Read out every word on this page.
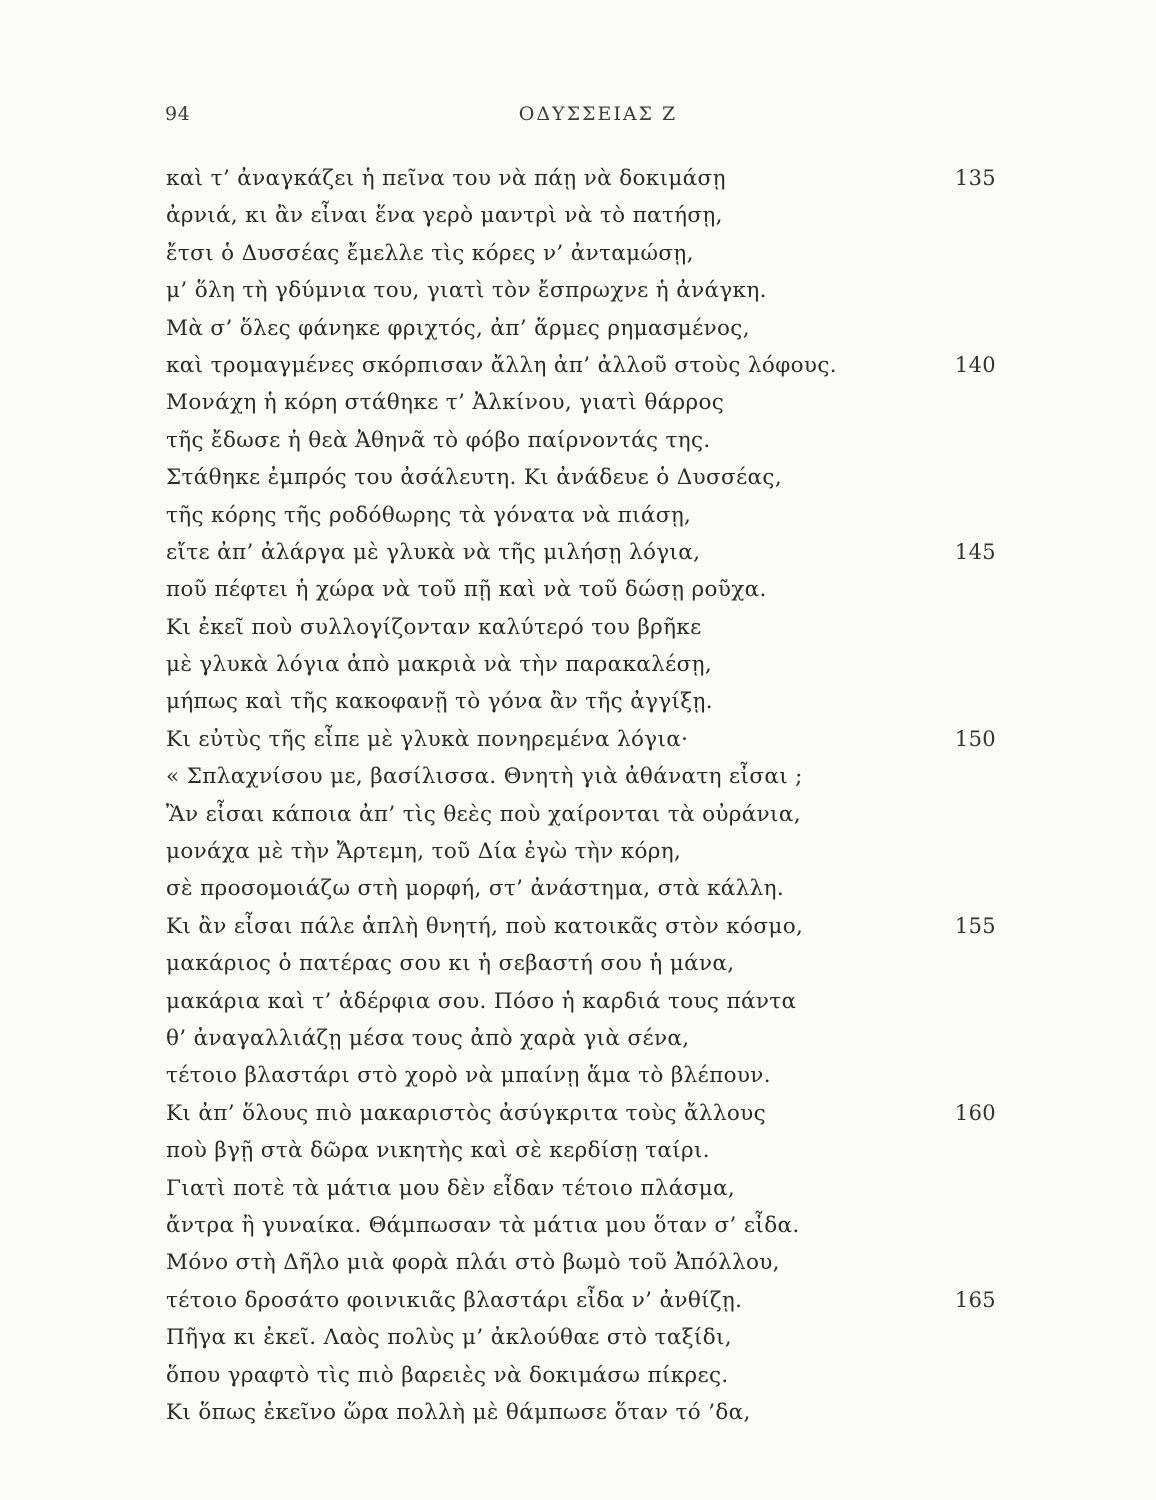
94	ΟΔΥΣΣΕΙΑΣ Ζ
καὶ τ’ ἀναγκάζει ἡ πεῖνα του νὰ πάῃ νὰ δοκιμάσῃ	135
ἀρνιά, κι ἂν εἶναι ἕνα γερὸ μαντρὶ νὰ τὸ πατήσῃ,
ἔτσι ὁ Δυσσέας ἔμελλε τὶς κόρες ν’ ἀνταμώσῃ,
μ’ ὅλη τὴ γδύμνια του, γιατὶ τὸν ἔσπρωχνε ἡ ἀνάγκη.
Μὰ σ’ ὅλες φάνηκε φριχτός, ἀπ’ ἅρμες ρημασμένος,
καὶ τρομαγμένες σκόρπισαν ἄλλη ἀπ’ ἀλλοῦ στοὺς λόφους.	140
Μονάχη ἡ κόρη στάθηκε τ’ Ἀλκίνου, γιατὶ θάρρος
τῆς ἔδωσε ἡ θεὰ Ἀθηνᾶ τὸ φόβο παίρνοντάς της.
Στάθηκε ἐμπρός του ἀσάλευτη. Κι ἀνάδευε ὁ Δυσσέας,
τῆς κόρης τῆς ροδόθωρης τὰ γόνατα νὰ πιάσῃ,
εἴτε ἀπ’ ἀλάργα μὲ γλυκὰ νὰ τῆς μιλήσῃ λόγια,	145
ποῦ πέφτει ἡ χώρα νὰ τοῦ πῇ καὶ νὰ τοῦ δώσῃ ροῦχα.
Κι ἐκεῖ ποὺ συλλογίζονταν καλύτερό του βρῆκε
μὲ γλυκὰ λόγια ἀπὸ μακριὰ νὰ τὴν παρακαλέσῃ,
μήπως καὶ τῆς κακοφανῇ τὸ γόνα ἂν τῆς ἀγγίξῃ.
Κι εὐτὺς τῆς εἶπε μὲ γλυκὰ πονηρεμένα λόγια·	150
« Σπλαχνίσου με, βασίλισσα. Θνητὴ γιὰ ἀθάνατη εἶσαι ;
Ἂν εἶσαι κάποια ἀπ’ τὶς θεὲς ποὺ χαίρονται τὰ οὐράνια,
μονάχα μὲ τὴν Ἄρτεμη, τοῦ Δία ἐγὼ τὴν κόρη,
σὲ προσομοιάζω στὴ μορφή, στ’ ἀνάστημα, στὰ κάλλη.
Κι ἂν εἶσαι πάλε ἁπλὴ θνητή, ποὺ κατοικᾶς στὸν κόσμο,	155
μακάριος ὁ πατέρας σου κι ἡ σεβαστή σου ἡ μάνα,
μακάρια καὶ τ’ ἀδέρφια σου. Πόσο ἡ καρδιά τους πάντα
θ’ ἀναγαλλιάζῃ μέσα τους ἀπὸ χαρὰ γιὰ σένα,
τέτοιο βλαστάρι στὸ χορὸ νὰ μπαίνῃ ἅμα τὸ βλέπουν.
Κι ἀπ’ ὅλους πιὸ μακαριστὸς ἀσύγκριτα τοὺς ἄλλους	160
ποὺ βγῇ στὰ δῶρα νικητὴς καὶ σὲ κερδίσῃ ταίρι.
Γιατὶ ποτὲ τὰ μάτια μου δὲν εἶδαν τέτοιο πλάσμα,
ἄντρα ἢ γυναίκα. Θάμπωσαν τὰ μάτια μου ὅταν σ’ εἶδα.
Μόνο στὴ Δῆλο μιὰ φορὰ πλάι στὸ βωμὸ τοῦ Ἀπόλλου,
τέτοιο δροσάτο φοινικιᾶς βλαστάρι εἶδα ν’ ἀνθίζῃ.	165
Πῆγα κι ἐκεῖ. Λαὸς πολὺς μ’ ἀκλούθαε στὸ ταξίδι,
ὅπου γραφτὸ τὶς πιὸ βαρειὲς νὰ δοκιμάσω πίκρες.
Κι ὅπως ἐκεῖνο ὥρα πολλὴ μὲ θάμπωσε ὅταν τό ’δα,
